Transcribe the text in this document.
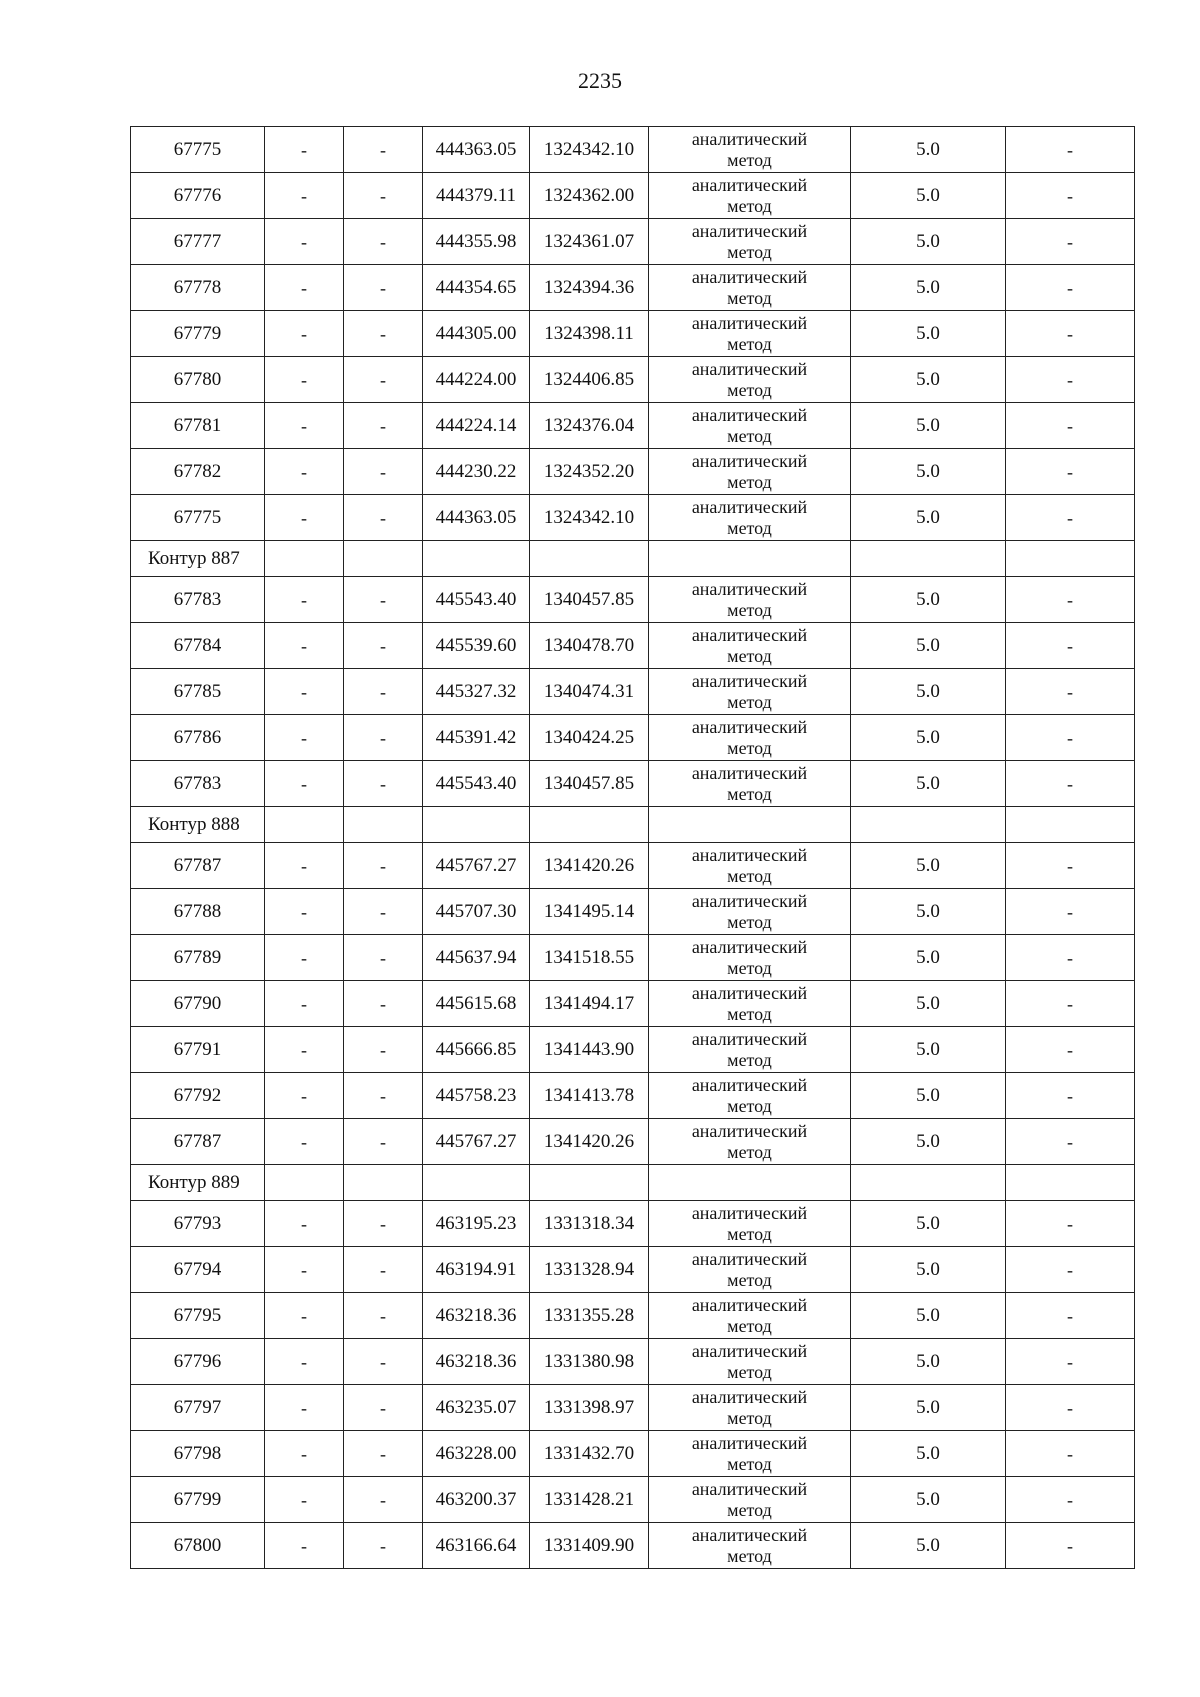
2235
67775	-	-	444363.05	1324342.10	аналитический
метод	5.0	-
67776	-	-	444379.11	1324362.00	аналитический
метод	5.0	-
67777	-	-	444355.98	1324361.07	аналитический
метод	5.0	-
67778	-	-	444354.65	1324394.36	аналитический
метод	5.0	-
67779	-	-	444305.00	1324398.11	аналитический
метод	5.0	-
67780	-	-	444224.00	1324406.85	аналитический
метод	5.0	-
67781	-	-	444224.14	1324376.04	аналитический
метод	5.0	-
67782	-	-	444230.22	1324352.20	аналитический
метод	5.0	-
67775	-	-	444363.05	1324342.10	аналитический
метод	5.0	-
Контур 887							
67783	-	-	445543.40	1340457.85	аналитический
метод	5.0	-
67784	-	-	445539.60	1340478.70	аналитический
метод	5.0	-
67785	-	-	445327.32	1340474.31	аналитический
метод	5.0	-
67786	-	-	445391.42	1340424.25	аналитический
метод	5.0	-
67783	-	-	445543.40	1340457.85	аналитический
метод	5.0	-
Контур 888							
67787	-	-	445767.27	1341420.26	аналитический
метод	5.0	-
67788	-	-	445707.30	1341495.14	аналитический
метод	5.0	-
67789	-	-	445637.94	1341518.55	аналитический
метод	5.0	-
67790	-	-	445615.68	1341494.17	аналитический
метод	5.0	-
67791	-	-	445666.85	1341443.90	аналитический
метод	5.0	-
67792	-	-	445758.23	1341413.78	аналитический
метод	5.0	-
67787	-	-	445767.27	1341420.26	аналитический
метод	5.0	-
Контур 889							
67793	-	-	463195.23	1331318.34	аналитический
метод	5.0	-
67794	-	-	463194.91	1331328.94	аналитический
метод	5.0	-
67795	-	-	463218.36	1331355.28	аналитический
метод	5.0	-
67796	-	-	463218.36	1331380.98	аналитический
метод	5.0	-
67797	-	-	463235.07	1331398.97	аналитический
метод	5.0	-
67798	-	-	463228.00	1331432.70	аналитический
метод	5.0	-
67799	-	-	463200.37	1331428.21	аналитический
метод	5.0	-
67800	-	-	463166.64	1331409.90	аналитический
метод	5.0	-
